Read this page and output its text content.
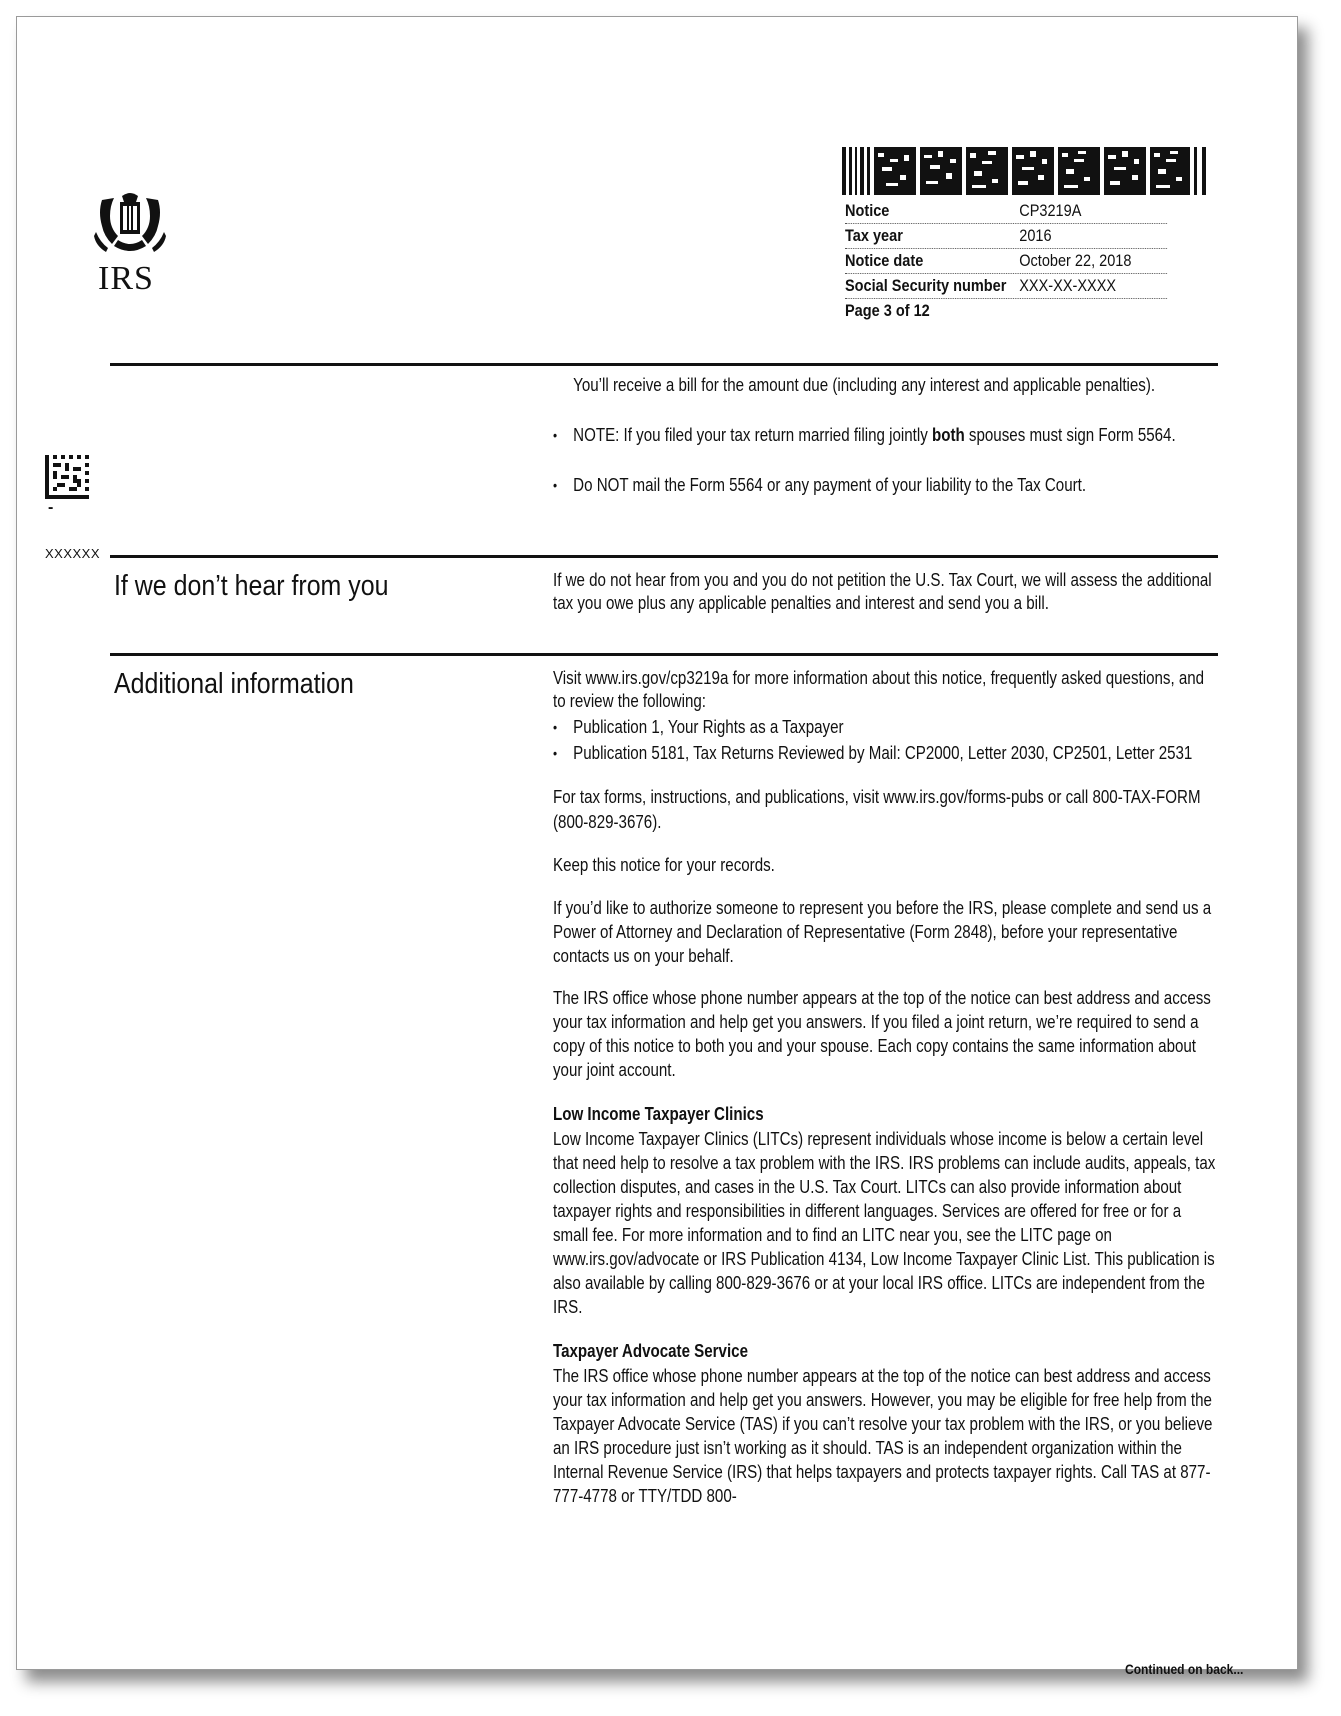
IRS
Notice	CP3219A
Tax year	2016
Notice date	October 22, 2018
Social Security number XXX-XX-XXXX
Page 3 of 12
-
XXXXXX

You’ll receive a bill for the amount due (including any interest and applicable penalties).

• NOTE: If you filed your tax return married filing jointly both spouses must sign Form 5564.
• Do NOT mail the Form 5564 or any payment of your liability to the Tax Court.
If we don’t hear from you	If we do not hear from you and you do not petition the U.S. Tax Court, we will assess the additional tax you owe plus any applicable penalties and interest and send you a bill.

Additional information	Visit www.irs.gov/cp3219a for more information about this notice, frequently asked questions, and to review the following:

• Publication 1, Your Rights as a Taxpayer
• Publication 5181, Tax Returns Reviewed by Mail: CP2000, Letter 2030, CP2501, Letter 2531

For tax forms, instructions, and publications, visit www.irs.gov/forms-pubs or call 800-TAX-FORM (800-829-3676).

Keep this notice for your records.

If you’d like to authorize someone to represent you before the IRS, please complete and send us a Power of Attorney and Declaration of Representative (Form 2848), before your representative contacts us on your behalf.

The IRS office whose phone number appears at the top of the notice can best address and access your tax information and help get you answers. If you filed a joint return, we’re required to send a copy of this notice to both you and your spouse. Each copy contains the same information about your joint account.

Low Income Taxpayer Clinics

Low Income Taxpayer Clinics (LITCs) represent individuals whose income is below a certain level that need help to resolve a tax problem with the IRS. IRS problems can include audits, appeals, tax collection disputes, and cases in the U.S. Tax Court. LITCs can also provide information about taxpayer rights and responsibilities in different languages. Services are offered for free or for a small fee. For more information and to find an LITC near you, see the LITC page on www.irs.gov/advocate or IRS Publication 4134, Low Income Taxpayer Clinic List. This publication is also available by calling 800-829-3676 or at your local IRS office. LITCs are independent from the IRS.

Taxpayer Advocate Service

The IRS office whose phone number appears at the top of the notice can best address and access your tax information and help get you answers. However, you may be eligible for free help from the Taxpayer Advocate Service (TAS) if you can’t resolve your tax problem with the IRS, or you believe an IRS procedure just isn’t working as it should. TAS is an independent organization within the Internal Revenue Service (IRS) that helps taxpayers and protects taxpayer rights. Call TAS at 877-777-4778 or TTY/TDD 800-

Continued on back...
